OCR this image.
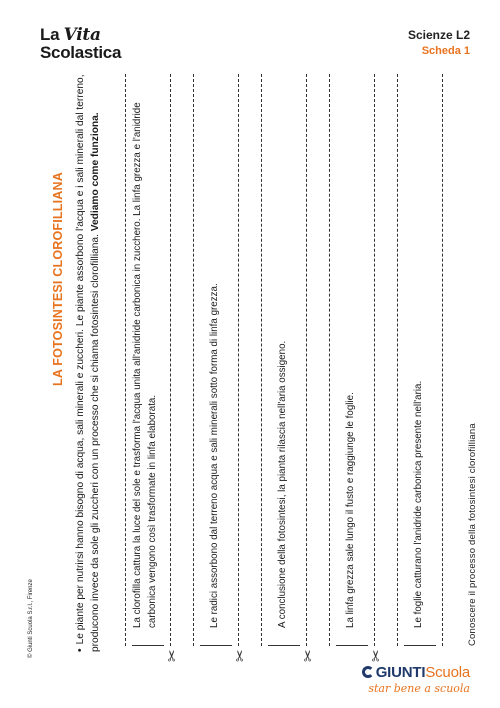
La Vita
Scolastica
Scienze L2
Scheda 1
© Giunti Scuola S.r.l., Firenze
LA FOTOSINTESI CLOROFILLIANA
•Le piante per nutrirsi hanno bisogno di acqua, sali minerali e zuccheri. Le piante assorbono l'acqua e i sali minerali dal terreno, producono invece da sole gli zuccheri con un processo che si chiama fotosintesi clorofilliana. Vediamo come funziona.	La clorofilla cattura la luce del sole e trasforma l'acqua unita all'anidride carbonica in zucchero. La linfa grezza e l'anidride carbonica vengono così trasformate in linfa elaborata.
✂
Le radici assorbono dal terreno acqua e sali minerali sotto forma di linfa grezza.
✂
A conclusione della fotosintesi, la pianta rilascia nell'aria ossigeno.
✂
La linfa grezza sale lungo il fusto e raggiunge le foglie.
✂
Le foglie catturano l'anidride carbonica presente nell'aria.	Conoscere il processo della fotosintesi clorofilliana
GIUNTIScuola
star bene a scuola
